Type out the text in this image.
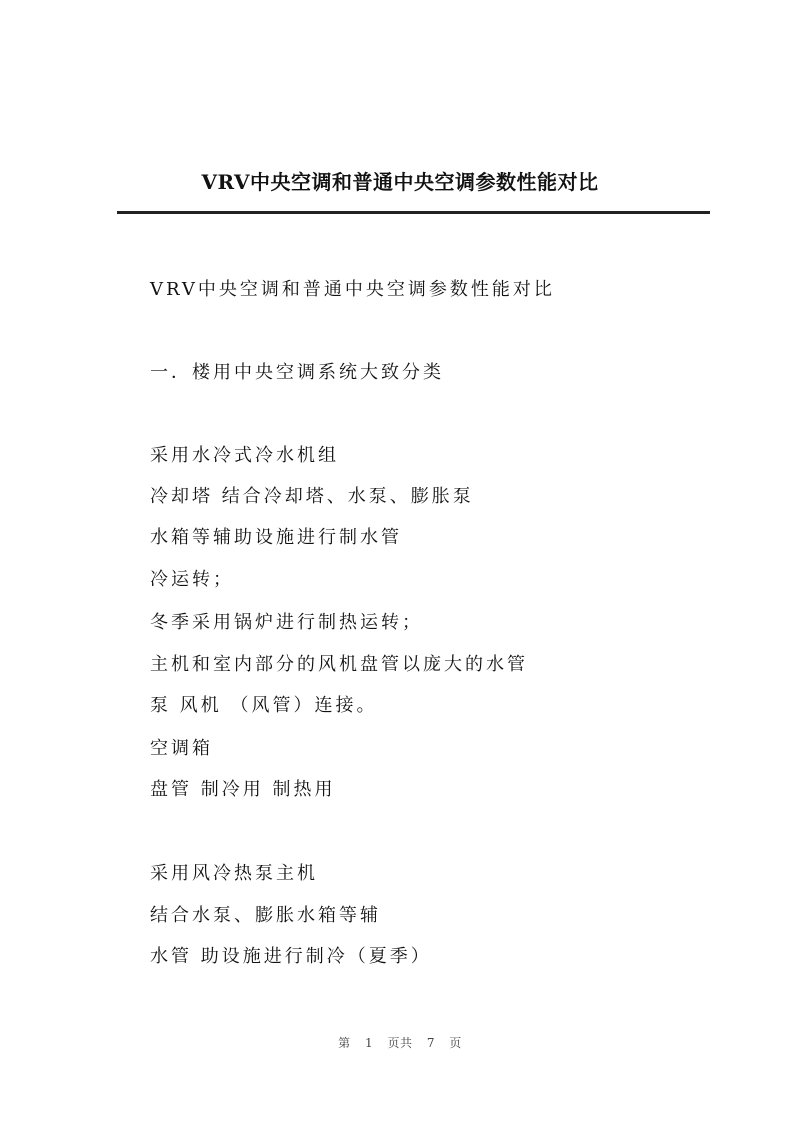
VRV中央空调和普通中央空调参数性能对比
VRV中央空调和普通中央空调参数性能对比
一．楼用中央空调系统大致分类
采用水冷式冷水机组
冷却塔 结合冷却塔、水泵、膨胀泵
水箱等辅助设施进行制水管
冷运转；
冬季采用锅炉进行制热运转；
主机和室内部分的风机盘管以庞大的水管
泵 风机 （风管）连接。
空调箱
盘管 制冷用 制热用
采用风冷热泵主机
结合水泵、膨胀水箱等辅
水管 助设施进行制冷（夏季）
第 1 页共 7 页
